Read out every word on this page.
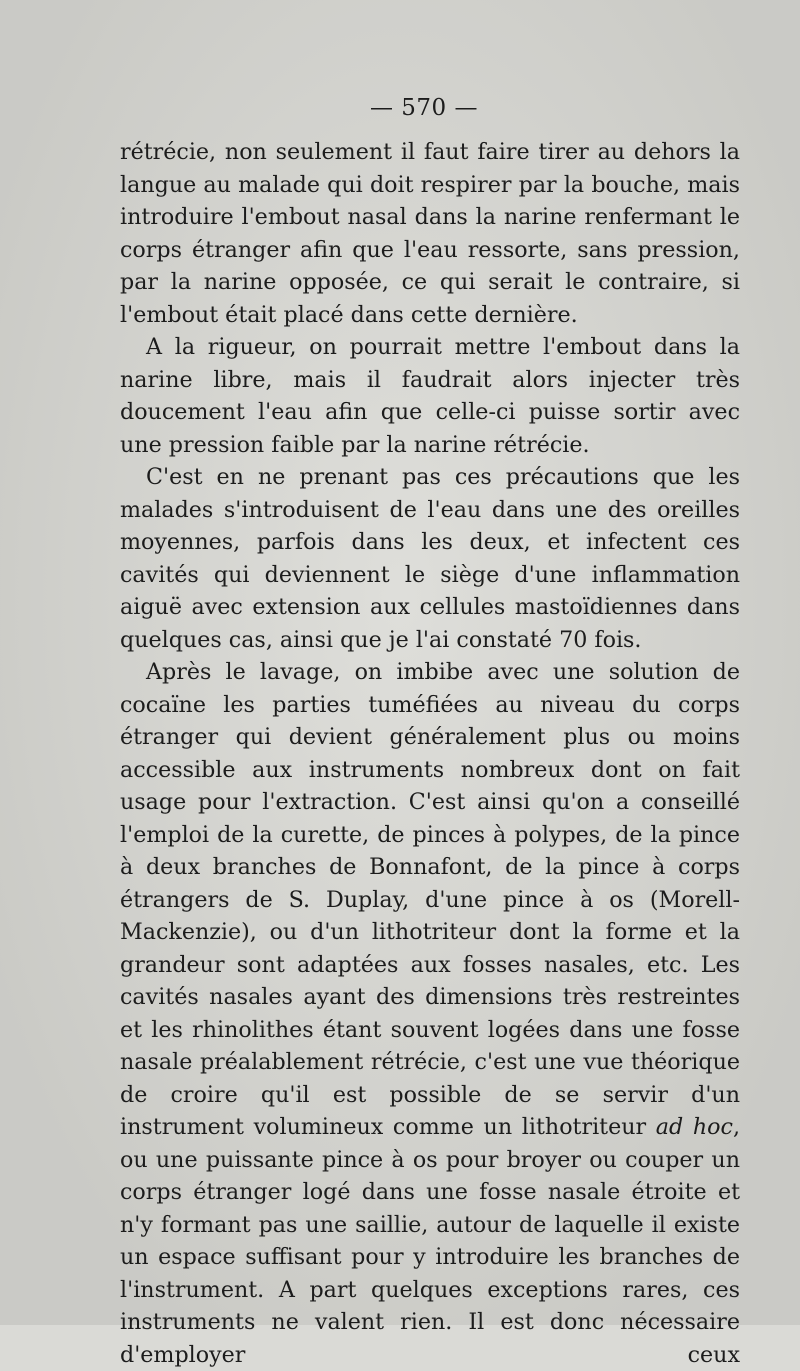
— 570 —

rétrécie, non seulement il faut faire tirer au dehors la langue au malade qui doit respirer par la bouche, mais introduire l'embout nasal dans la narine renfermant le corps étranger afin que l'eau ressorte, sans pression, par la narine opposée, ce qui serait le contraire, si l'embout était placé dans cette dernière.

A la rigueur, on pourrait mettre l'embout dans la narine libre, mais il faudrait alors injecter très doucement l'eau afin que celle-ci puisse sortir avec une pression faible par la narine rétrécie.

C'est en ne prenant pas ces précautions que les malades s'introduisent de l'eau dans une des oreilles moyennes, parfois dans les deux, et infectent ces cavités qui deviennent le siège d'une inflammation aiguë avec extension aux cellules mastoïdiennes dans quelques cas, ainsi que je l'ai constaté 70 fois.

Après le lavage, on imbibe avec une solution de cocaïne les parties tuméfiées au niveau du corps étranger qui devient généralement plus ou moins accessible aux instruments nombreux dont on fait usage pour l'extraction. C'est ainsi qu'on a conseillé l'emploi de la curette, de pinces à polypes, de la pince à deux branches de Bonnafont, de la pince à corps étrangers de S. Duplay, d'une pince à os (Morell-Mackenzie), ou d'un lithotriteur dont la forme et la grandeur sont adaptées aux fosses nasales, etc. Les cavités nasales ayant des dimensions très restreintes et les rhinolithes étant souvent logées dans une fosse nasale préalablement rétrécie, c'est une vue théorique de croire qu'il est possible de se servir d'un instrument volumineux comme un lithotriteur ad hoc, ou une puissante pince à os pour broyer ou couper un corps étranger logé dans une fosse nasale étroite et n'y formant pas une saillie, autour de laquelle il existe un espace suffisant pour y introduire les branches de l'instrument. A part quelques exceptions rares, ces instruments ne valent rien. Il est donc nécessaire d'employer ceux
